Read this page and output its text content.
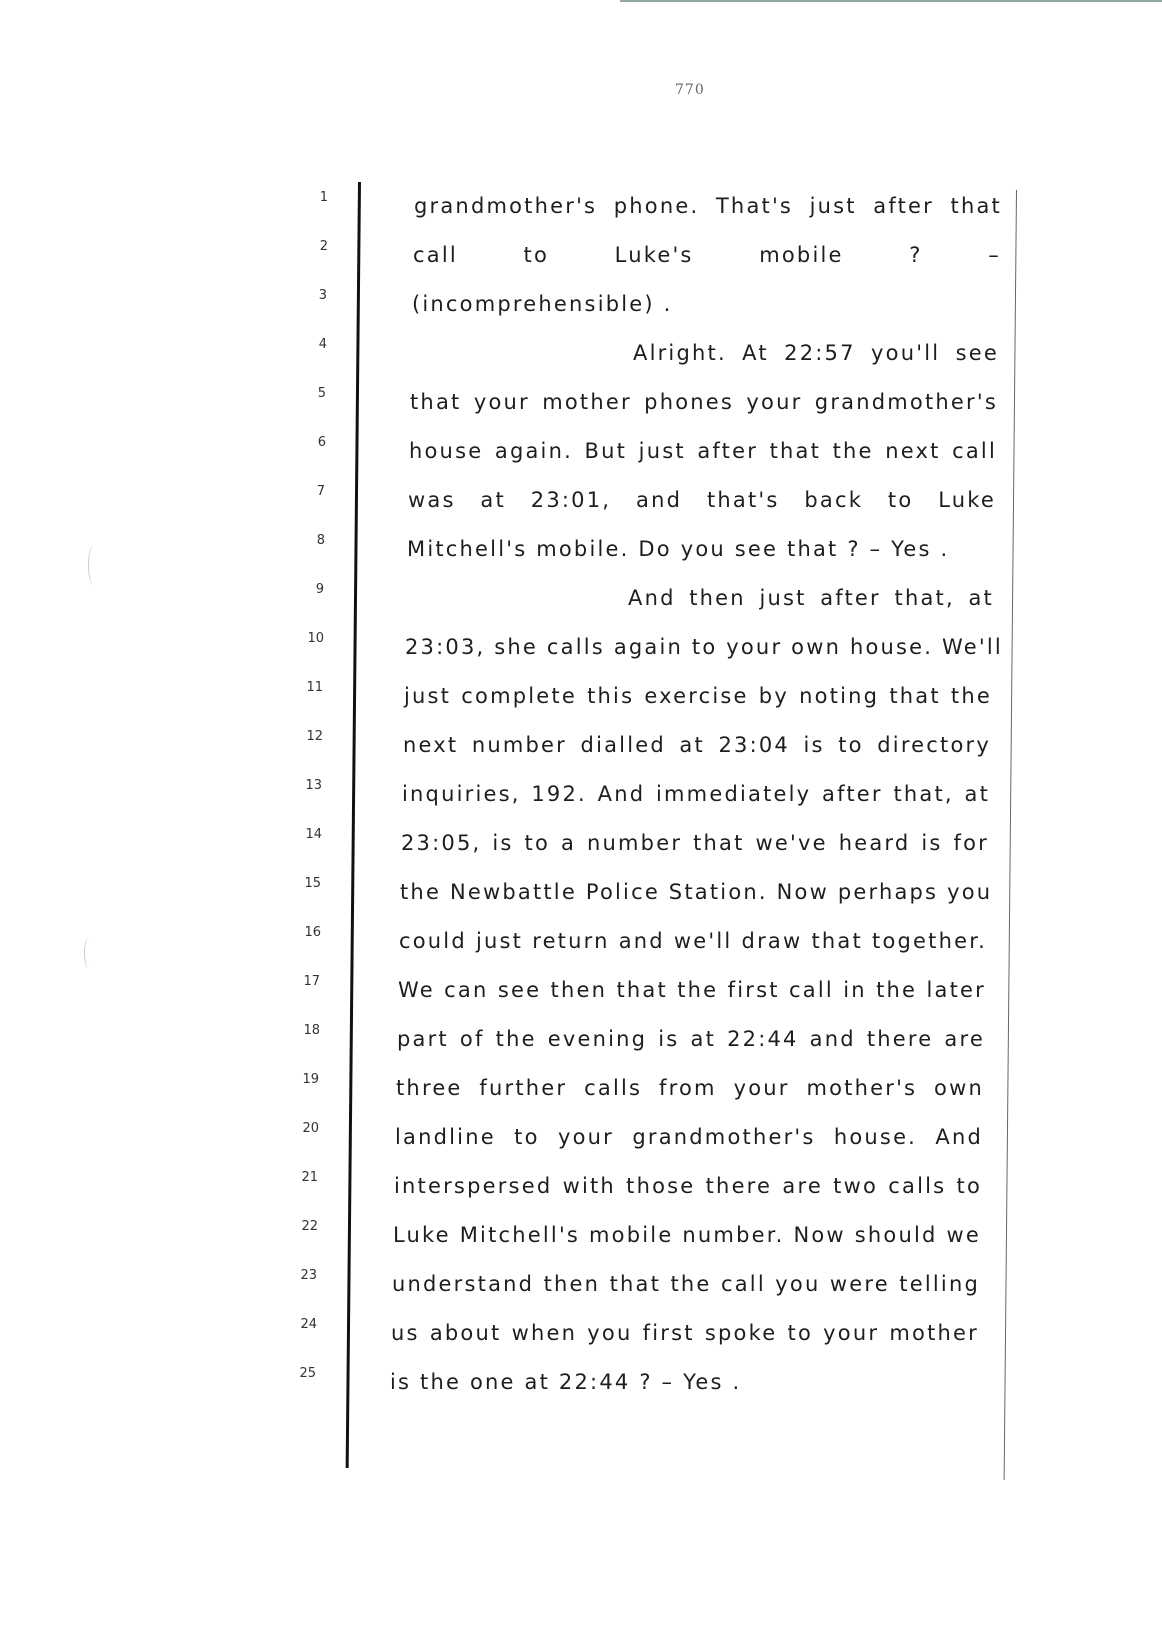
770
1
2
3
4
5
6
7
8
9
10
11
12
13
14
15
16
17
18
19
20
21
22
23
24
25
grandmother's phone. That's just after that
call to Luke's mobile ? –
(incomprehensible) .
Alright. At 22:57 you'll see
that your mother phones your grandmother's
house again. But just after that the next call
was at 23:01, and that's back to Luke
Mitchell's mobile. Do you see that ? – Yes .
And then just after that, at
23:03, she calls again to your own house. We'll
just complete this exercise by noting that the
next number dialled at 23:04 is to directory
inquiries, 192. And immediately after that, at
23:05, is to a number that we've heard is for
the Newbattle Police Station. Now perhaps you
could just return and we'll draw that together.
We can see then that the first call in the later
part of the evening is at 22:44 and there are
three further calls from your mother's own
landline to your grandmother's house. And
interspersed with those there are two calls to
Luke Mitchell's mobile number. Now should we
understand then that the call you were telling
us about when you first spoke to your mother
is the one at 22:44 ? – Yes .
